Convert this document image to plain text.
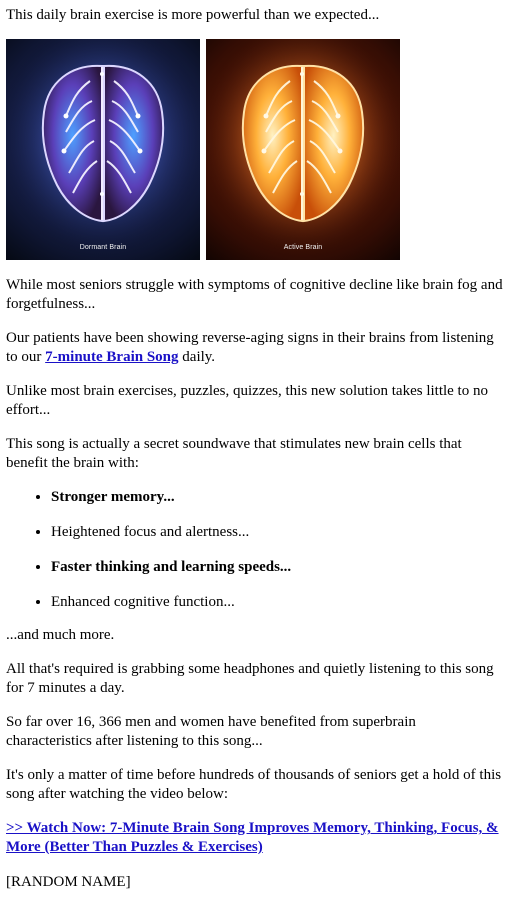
This daily brain exercise is more powerful than we expected...

Dormant Brain	Active Brain

While most seniors struggle with symptoms of cognitive decline like brain fog and forgetfulness...

Our patients have been showing reverse-aging signs in their brains from listening to our 7-minute Brain Song daily.

Unlike most brain exercises, puzzles, quizzes, this new solution takes little to no effort...

This song is actually a secret soundwave that stimulates new brain cells that benefit the brain with:

• Stronger memory...
• Heightened focus and alertness...
• Faster thinking and learning speeds...
• Enhanced cognitive function...

...and much more.

All that's required is grabbing some headphones and quietly listening to this song for 7 minutes a day.

So far over 16, 366 men and women have benefited from superbrain characteristics after listening to this song...

It's only a matter of time before hundreds of thousands of seniors get a hold of this song after watching the video below:

>> Watch Now: 7-Minute Brain Song Improves Memory, Thinking, Focus, & More (Better Than Puzzles & Exercises)

[RANDOM NAME]
